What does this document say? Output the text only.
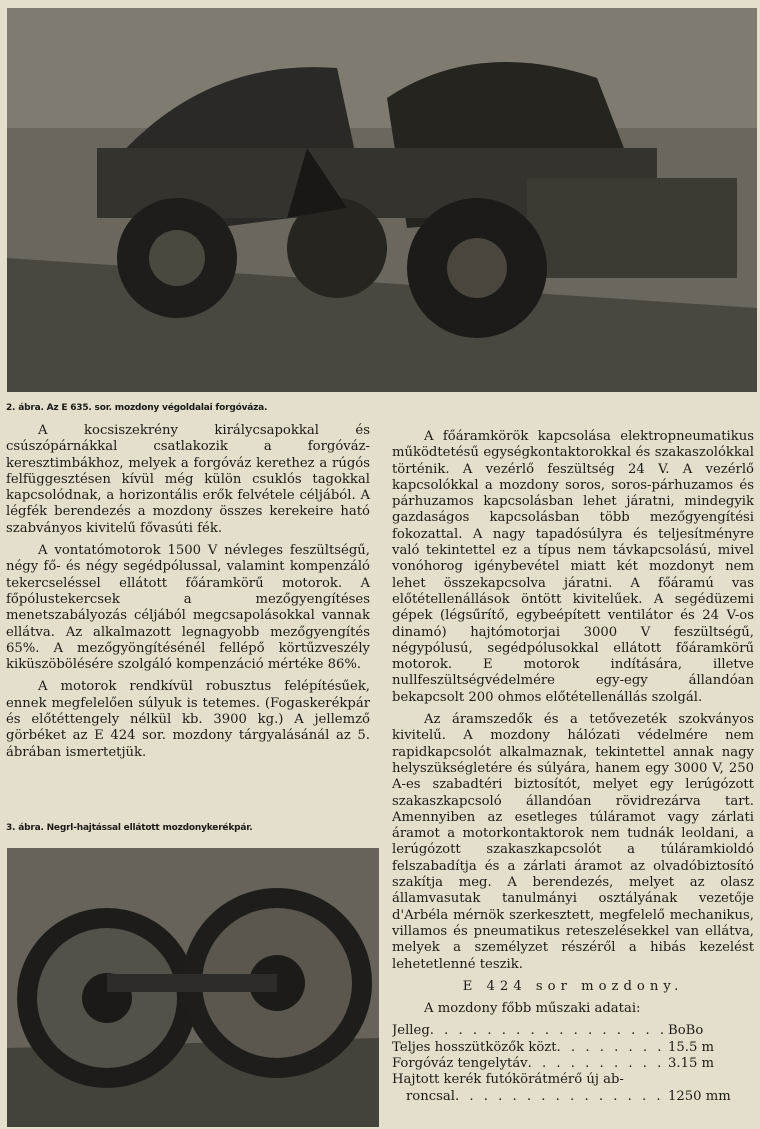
2. ábra. Az E 635. sor. mozdony végoldalai forgóváza.

A kocsiszekrény királycsapokkal és csúszópárnákkal csatlakozik a forgóváz-keresztimbákhoz, melyek a forgóváz kerethez a rúgós felfüggesztésen kívül még külön csuklós tagokkal kapcsolódnak, a horizontális erők felvétele céljából. A légfék berendezés a mozdony összes kerekeire ható szabványos kivitelű fővasúti fék.

A vontatómotorok 1500 V névleges feszültségű, négy fő- és négy segédpólussal, valamint kompenzáló tekercseléssel ellátott főáramkörű motorok. A főpólustekercsek a mezőgyengítéses menetszabályozás céljából megcsapolásokkal vannak ellátva. Az alkalmazott legnagyobb mezőgyengítés 65%. A mezőgyöngítésénél fellépő körtűzveszély kiküszöbölésére szolgáló kompenzáció mértéke 86%.

A motorok rendkívül robusztus felépítésűek, ennek megfelelően súlyuk is tetemes. (Fogaskerékpár és előtéttengely nélkül kb. 3900 kg.) A jellemző görbéket az E 424 sor. mozdony tárgyalásánál az 5. ábrában ismertetjük.

3. ábra. Negrl-hajtással ellátott mozdonykerékpár.

A főáramkörök kapcsolása elektropneumatikus működtetésű egységkontaktorokkal és szakaszolókkal történik. A vezérlő feszültség 24 V. A vezérlő kapcsolókkal a mozdony soros, soros-párhuzamos és párhuzamos kapcsolásban lehet járatni, mindegyik gazdaságos kapcsolásban több mezőgyengítési fokozattal. A nagy tapadósúlyra és teljesítményre való tekintettel ez a típus nem távkapcsolású, mivel vonóhorog igénybevétel miatt két mozdonyt nem lehet összekapcsolva járatni. A főáramú vas előtétellenállások öntött kivitelűek. A segédüzemi gépek (légsűrítő, egybeépített ventilátor és 24 V-os dinamó) hajtómotorjai 3000 V feszültségű, négypólusú, segédpólusokkal ellátott főáramkörű motorok. E motorok indítására, illetve nullfeszültségvédelmére egy-egy állandóan bekapcsolt 200 ohmos előtétellenállás szolgál.

Az áramszedők és a tetővezeték szokványos kivitelű. A mozdony hálózati védelmére nem rapidkapcsolót alkalmaznak, tekintettel annak nagy helyszükségletére és súlyára, hanem egy 3000 V, 250 A-es szabadtéri biztosítót, melyet egy lerúgózott szakaszkapcsoló állandóan rövidrezárva tart. Amennyiben az esetleges túláramot vagy zárlati áramot a motorkontaktorok nem tudnák leoldani, a lerúgózott szakaszkapcsolót a túláramkioldó felszabadítja és a zárlati áramot az olvadóbiztosító szakítja meg. A berendezés, melyet az olasz államvasutak tanulmányi osztályának vezetője d'Arbéla mérnök szerkesztett, megfelelő mechanikus, villamos és pneumatikus reteszelésekkel van ellátva, melyek a személyzet részéről a hibás kezelést lehetetlenné teszik.

E 424 sor mozdony.

A mozdony főbb műszaki adatai:

Jelleg . . .	BoBo
Teljes hosszütközők közt . . .	15.5 m
Forgóváz tengelytáv . . .	3.15 m
Hajtott kerék futókörátmérő új ab-
roncsal . . .	1250 mm
